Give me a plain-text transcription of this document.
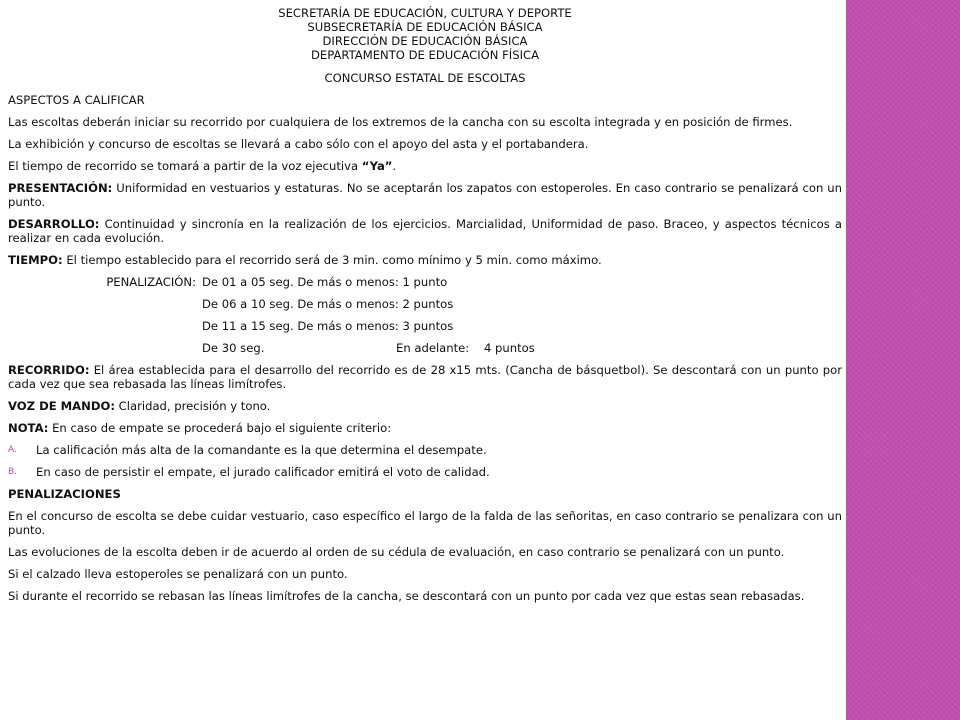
SECRETARÍA DE EDUCACIÓN, CULTURA Y DEPORTE
SUBSECRETARÍA DE EDUCACIÓN BÁSICA
DIRECCIÓN DE EDUCACIÓN BÁSICA
DEPARTAMENTO DE EDUCACIÓN FÍSICA
CONCURSO ESTATAL DE ESCOLTAS
ASPECTOS A CALIFICAR

Las escoltas deberán iniciar su recorrido por cualquiera de los extremos de la cancha con su escolta integrada y en posición de firmes.

La exhibición y concurso de escoltas se llevará a cabo sólo con el apoyo del asta y el portabandera.

El tiempo de recorrido se tomará a partir de la voz ejecutiva “Ya”.

PRESENTACIÓN: Uniformidad en vestuarios y estaturas. No se aceptarán los zapatos con estoperoles. En caso contrario se penalizará con un punto.

DESARROLLO: Continuidad y sincronía en la realización de los ejercicios. Marcialidad, Uniformidad de paso. Braceo, y aspectos técnicos a realizar en cada evolución.

TIEMPO: El tiempo establecido para el recorrido será de 3 min. como mínimo y 5 min. como máximo.

PENALIZACIÓN: De 01 a 05 seg. De más o menos: 1 punto
De 06 a 10 seg. De más o menos: 2 puntos
De 11 a 15 seg. De más o menos: 3 puntos
De 30 seg.	En adelante: 4 puntos

RECORRIDO: El área establecida para el desarrollo del recorrido es de 28 x15 mts. (Cancha de básquetbol). Se descontará con un punto por cada vez que sea rebasada las líneas limítrofes.

VOZ DE MANDO: Claridad, precisión y tono.

NOTA: En caso de empate se procederá bajo el siguiente criterio:

A.	La calificación más alta de la comandante es la que determina el desempate.
B.	En caso de persistir el empate, el jurado calificador emitirá el voto de calidad.
PENALIZACIONES

En el concurso de escolta se debe cuidar vestuario, caso específico el largo de la falda de las señoritas, en caso contrario se penalizara con un punto.

Las evoluciones de la escolta deben ir de acuerdo al orden de su cédula de evaluación, en caso contrario se penalizará con un punto.

Si el calzado lleva estoperoles se penalizará con un punto.

Si durante el recorrido se rebasan las líneas limítrofes de la cancha, se descontará con un punto por cada vez que estas sean rebasadas.
